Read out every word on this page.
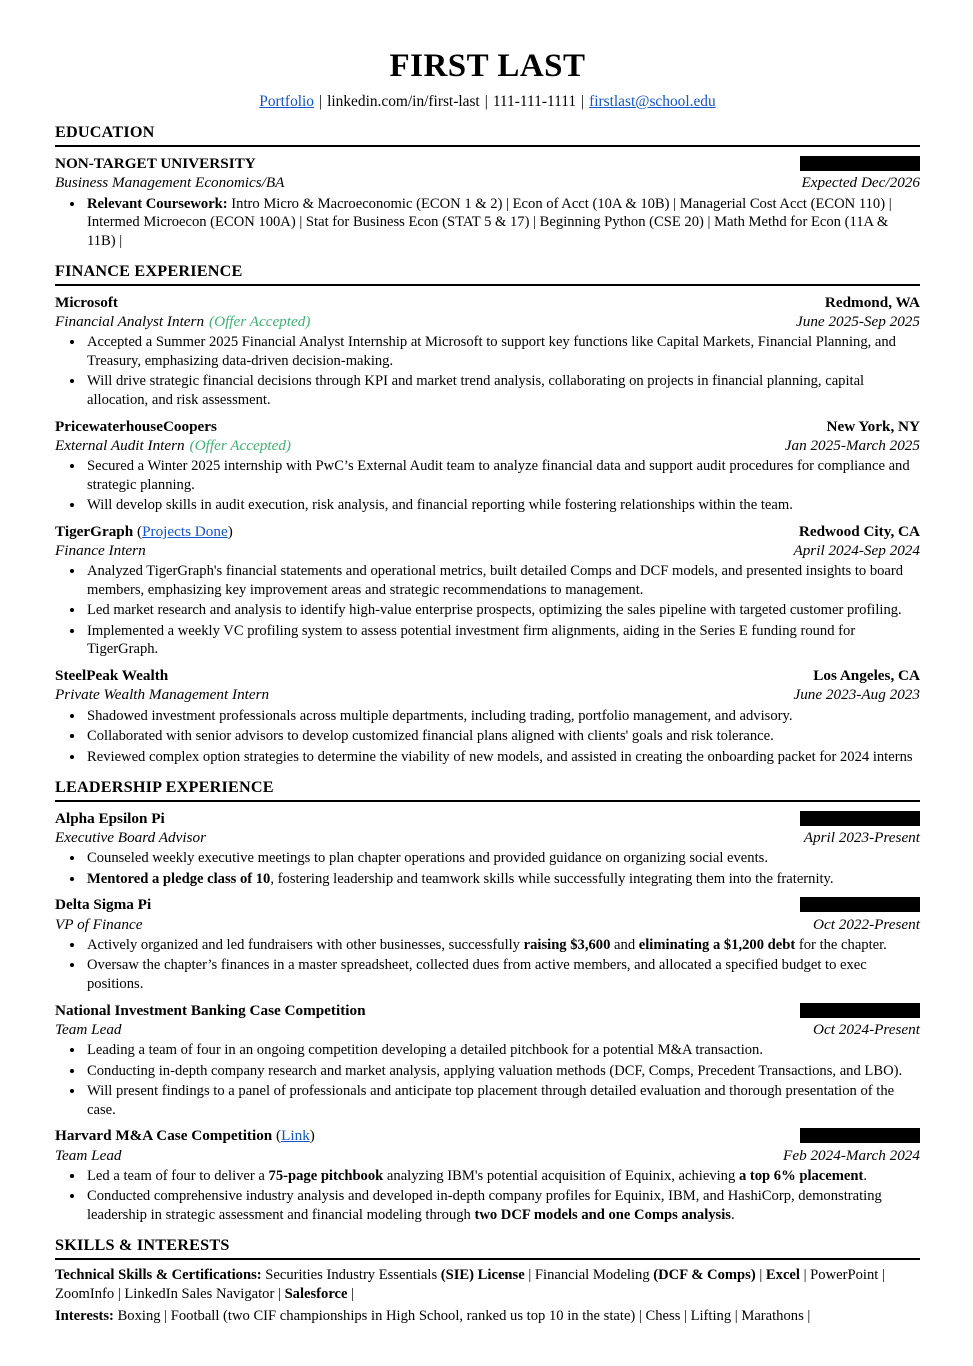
FIRST LAST
Portfolio | linkedin.com/in/first-last | 111-111-1111 | firstlast@school.edu
EDUCATION
NON-TARGET UNIVERSITY
Business Management Economics/BA	Expected Dec/2026
• Relevant Coursework: Intro Micro & Macroeconomic (ECON 1 & 2) | Econ of Acct (10A & 10B) | Managerial Cost Acct (ECON 110) | Intermed Microecon (ECON 100A) | Stat for Business Econ (STAT 5 & 17) | Beginning Python (CSE 20) | Math Methd for Econ (11A & 11B) |
FINANCE EXPERIENCE
Microsoft	Redmond, WA
Financial Analyst Intern (Offer Accepted)	June 2025-Sep 2025
• Accepted a Summer 2025 Financial Analyst Internship at Microsoft to support key functions like Capital Markets, Financial Planning, and Treasury, emphasizing data-driven decision-making.
• Will drive strategic financial decisions through KPI and market trend analysis, collaborating on projects in financial planning, capital allocation, and risk assessment.
PricewaterhouseCoopers	New York, NY
External Audit Intern (Offer Accepted)	Jan 2025-March 2025
• Secured a Winter 2025 internship with PwC’s External Audit team to analyze financial data and support audit procedures for compliance and strategic planning.
• Will develop skills in audit execution, risk analysis, and financial reporting while fostering relationships within the team.
TigerGraph (Projects Done)	Redwood City, CA
Finance Intern	April 2024-Sep 2024
• Analyzed TigerGraph's financial statements and operational metrics, built detailed Comps and DCF models, and presented insights to board members, emphasizing key improvement areas and strategic recommendations to management.
• Led market research and analysis to identify high-value enterprise prospects, optimizing the sales pipeline with targeted customer profiling.
• Implemented a weekly VC profiling system to assess potential investment firm alignments, aiding in the Series E funding round for TigerGraph.
SteelPeak Wealth	Los Angeles, CA
Private Wealth Management Intern	June 2023-Aug 2023
• Shadowed investment professionals across multiple departments, including trading, portfolio management, and advisory.
• Collaborated with senior advisors to develop customized financial plans aligned with clients' goals and risk tolerance.
• Reviewed complex option strategies to determine the viability of new models, and assisted in creating the onboarding packet for 2024 interns
LEADERSHIP EXPERIENCE
Alpha Epsilon Pi
Executive Board Advisor	April 2023-Present
• Counseled weekly executive meetings to plan chapter operations and provided guidance on organizing social events.
• Mentored a pledge class of 10, fostering leadership and teamwork skills while successfully integrating them into the fraternity.
Delta Sigma Pi
VP of Finance	Oct 2022-Present
• Actively organized and led fundraisers with other businesses, successfully raising $3,600 and eliminating a $1,200 debt for the chapter.
• Oversaw the chapter’s finances in a master spreadsheet, collected dues from active members, and allocated a specified budget to exec positions.
National Investment Banking Case Competition
Team Lead	Oct 2024-Present
• Leading a team of four in an ongoing competition developing a detailed pitchbook for a potential M&A transaction.
• Conducting in-depth company research and market analysis, applying valuation methods (DCF, Comps, Precedent Transactions, and LBO).
• Will present findings to a panel of professionals and anticipate top placement through detailed evaluation and thorough presentation of the case.
Harvard M&A Case Competition (Link)
Team Lead	Feb 2024-March 2024
• Led a team of four to deliver a 75-page pitchbook analyzing IBM's potential acquisition of Equinix, achieving a top 6% placement.
• Conducted comprehensive industry analysis and developed in-depth company profiles for Equinix, IBM, and HashiCorp, demonstrating leadership in strategic assessment and financial modeling through two DCF models and one Comps analysis.
SKILLS & INTERESTS
Technical Skills & Certifications: Securities Industry Essentials (SIE) License | Financial Modeling (DCF & Comps) | Excel | PowerPoint | ZoomInfo | LinkedIn Sales Navigator | Salesforce |
Interests: Boxing | Football (two CIF championships in High School, ranked us top 10 in the state) | Chess | Lifting | Marathons |
